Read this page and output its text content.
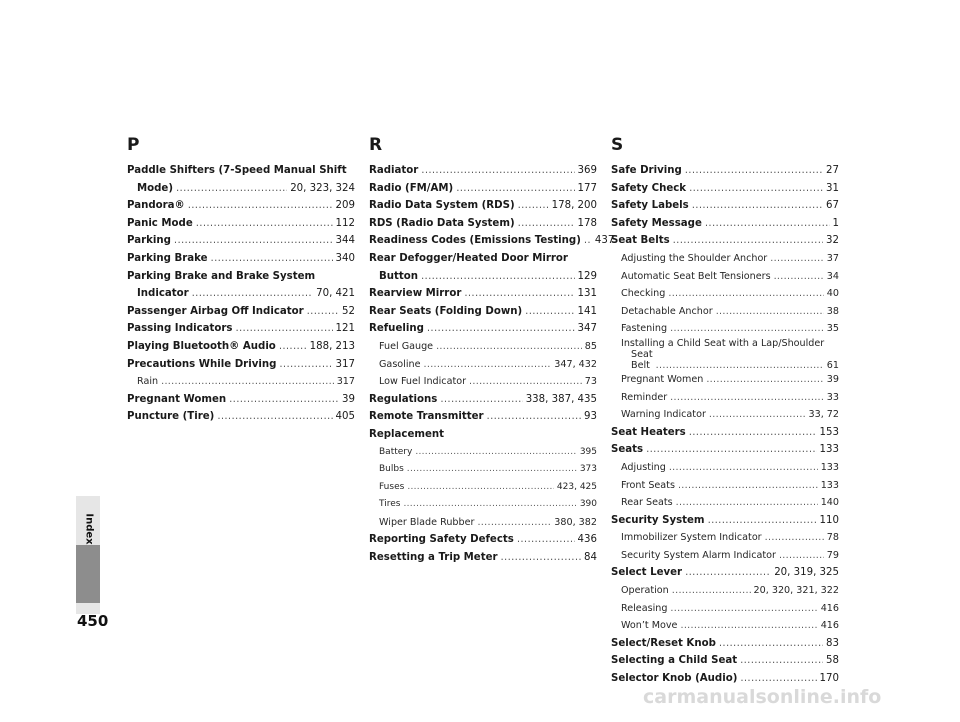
Index
450
P
Paddle Shifters (7-Speed Manual Shift
Mode) .....	20, 323, 324
Pandora® .....	209
Panic Mode .....	112
Parking .....	344
Parking Brake .....	340
Parking Brake and Brake System
Indicator .....	70, 421
Passenger Airbag Off Indicator .....	52
Passing Indicators .....	121
Playing Bluetooth® Audio .....	188, 213
Precautions While Driving .....	317
Rain .....	317
Pregnant Women .....	39
Puncture (Tire) .....	405
R
Radiator .....	369
Radio (FM/AM) .....	177
Radio Data System (RDS) .....	178, 200
RDS (Radio Data System) .....	178
Readiness Codes (Emissions Testing) ..... 437
Rear Defogger/Heated Door Mirror
Button .....	129
Rearview Mirror .....	131
Rear Seats (Folding Down) .....	141
Refueling .....	347
Fuel Gauge .....	85
Gasoline .....	347, 432
Low Fuel Indicator .....	73
Regulations .....	338, 387, 435
Remote Transmitter .....	93
Replacement
Battery .....	395
Bulbs .....	373
Fuses .....	423, 425
Tires .....	390
Wiper Blade Rubber .....	380, 382
Reporting Safety Defects .....	436
Resetting a Trip Meter .....	84
S
Safe Driving .....	27
Safety Check .....	31
Safety Labels .....	67
Safety Message .....	1
Seat Belts .....	32
Adjusting the Shoulder Anchor .....	37
Automatic Seat Belt Tensioners .....	34
Checking .....	40
Detachable Anchor .....	38
Fastening .....	35
Installing a Child Seat with a Lap/Shoulder
Seat Belt .....	61
Pregnant Women .....	39
Reminder .....	33
Warning Indicator .....	33, 72
Seat Heaters .....	153
Seats .....	133
Adjusting .....	133
Front Seats .....	133
Rear Seats .....	140
Security System .....	110
Immobilizer System Indicator .....	78
Security System Alarm Indicator .....	79
Select Lever .....	20, 319, 325
Operation .....	20, 320, 321, 322
Releasing .....	416
Won’t Move .....	416
Select/Reset Knob .....	83
Selecting a Child Seat .....	58
Selector Knob (Audio) .....	170
carmanualsonline.info
